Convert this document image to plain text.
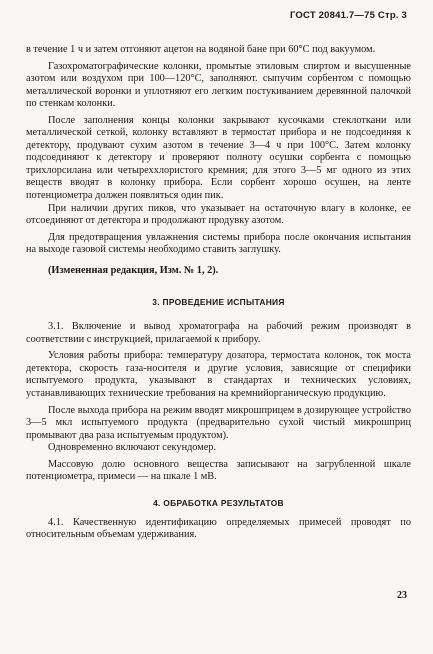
ГОСТ 20841.7—75 Стр. 3

в течение 1 ч и затем отгоняют ацетон на водяной бане при 60°С под вакуумом.

Газохроматографические колонки, промытые этиловым спиртом и высушенные азотом или воздухом при 100—120°С, заполняют. сыпучим сорбентом с помощью металлической воронки и уплотняют его легким постукиванием деревянной палочкой по стенкам колонки.

После заполнения концы колонки закрывают кусочками стеклоткани или металлической сеткой, колонку вставляют в термостат прибора и не подсоединяя к детектору, продувают сухим азотом в течение 3—4 ч при 100°С. Затем колонку подсоединяют к детектору и проверяют полноту осушки сорбента с помощью трихлорсилана или четыреххлористого кремния; для этого 3—5 мг одного из этих веществ вводят в колонку прибора. Если сорбент хорошо осушен, на ленте потенциометра должен появляться один пик.

При наличии других пиков, что указывает на остаточную влагу в колонке, ее отсоединяют от детектора и продолжают продувку азотом.

Для предотвращения увлажнения системы прибора после окончания испытания на выходе газовой системы необходимо ставить заглушку.

(Измененная редакция, Изм. № 1, 2).

3. ПРОВЕДЕНИЕ ИСПЫТАНИЯ

3.1. Включение и вывод хроматографа на рабочий режим производят в соответствии с инструкцией, прилагаемой к прибору.

Условия работы прибора: температуру дозатора, термостата колонок, ток моста детектора, скорость газа-носителя и другие условия, зависящие от специфики испытуемого продукта, указывают в стандартах и технических условиях, устанавливающих технические требования на кремнийорганическую продукцию.

После выхода прибора на режим вводят микрошприцем в дозирующее устройство 3—5 мкл испытуемого продукта (предварительно сухой чистый микрошприц промывают два раза испытуемым продуктом).

Одновременно включают секундомер.

Массовую долю основного вещества записывают на загрубленной шкале потенциометра, примеси — на шкале 1 мВ.

4. ОБРАБОТКА РЕЗУЛЬТАТОВ

4.1. Качественную идентификацию определяемых примесей проводят по относительным объемам удерживания.

23
